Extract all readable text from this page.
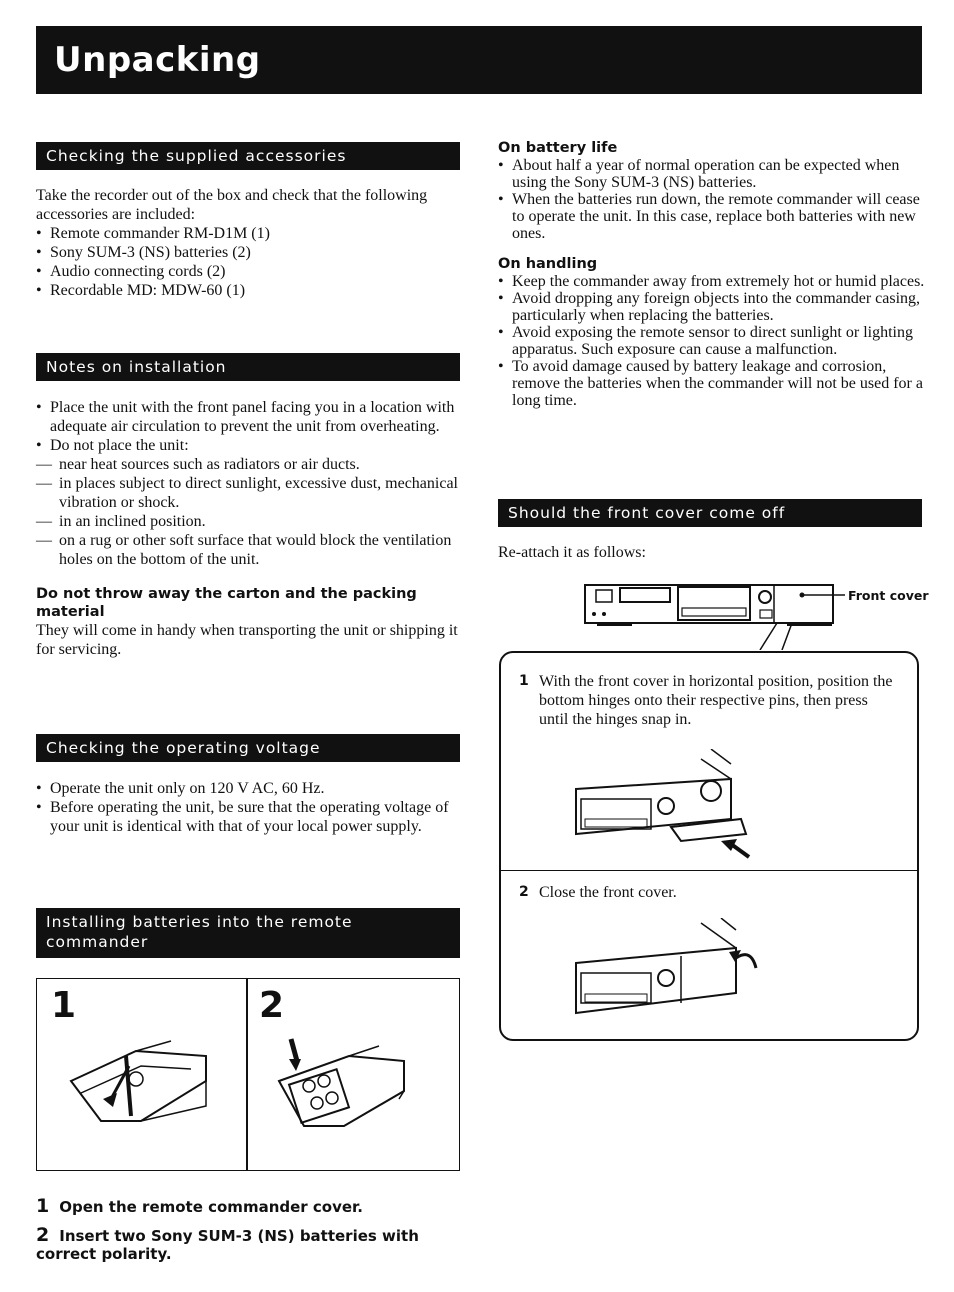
Unpacking
Checking the supplied accessories

Take the recorder out of the box and check that the following accessories are included:

• Remote commander RM-D1M (1)
• Sony SUM-3 (NS) batteries (2)
• Audio connecting cords (2)
• Recordable MD: MDW-60 (1)
Notes on installation
• Place the unit with the front panel facing you in a location with adequate air circulation to prevent the unit from overheating.
• Do not place the unit:
— near heat sources such as radiators or air ducts.
— in places subject to direct sunlight, excessive dust, mechanical vibration or shock.
— in an inclined position.
— on a rug or other soft surface that would block the ventilation holes on the bottom of the unit.
Do not throw away the carton and the packing material

They will come in handy when transporting the unit or shipping it for servicing.

Checking the operating voltage
• Operate the unit only on 120 V AC, 60 Hz.
• Before operating the unit, be sure that the operating voltage of your unit is identical with that of your local power supply.
Installing batteries into the remote commander
1	2
1 Open the remote commander cover.
2 Insert two Sony SUM-3 (NS) batteries with correct polarity.
On battery life
• About half a year of normal operation can be expected when using the Sony SUM-3 (NS) batteries.
• When the batteries run down, the remote commander will cease to operate the unit. In this case, replace both batteries with new ones.
On handling
• Keep the commander away from extremely hot or humid places.
• Avoid dropping any foreign objects into the commander casing, particularly when replacing the batteries.
• Avoid exposing the remote sensor to direct sunlight or lighting apparatus. Such exposure can cause a malfunction.
• To avoid damage caused by battery leakage and corrosion, remove the batteries when the commander will not be used for a long time.
Should the front cover come off
Re-attach it as follows:
Front cover
1 With the front cover in horizontal position, position the bottom hinges onto their respective pins, then press until the hinges snap in.
2 Close the front cover.
